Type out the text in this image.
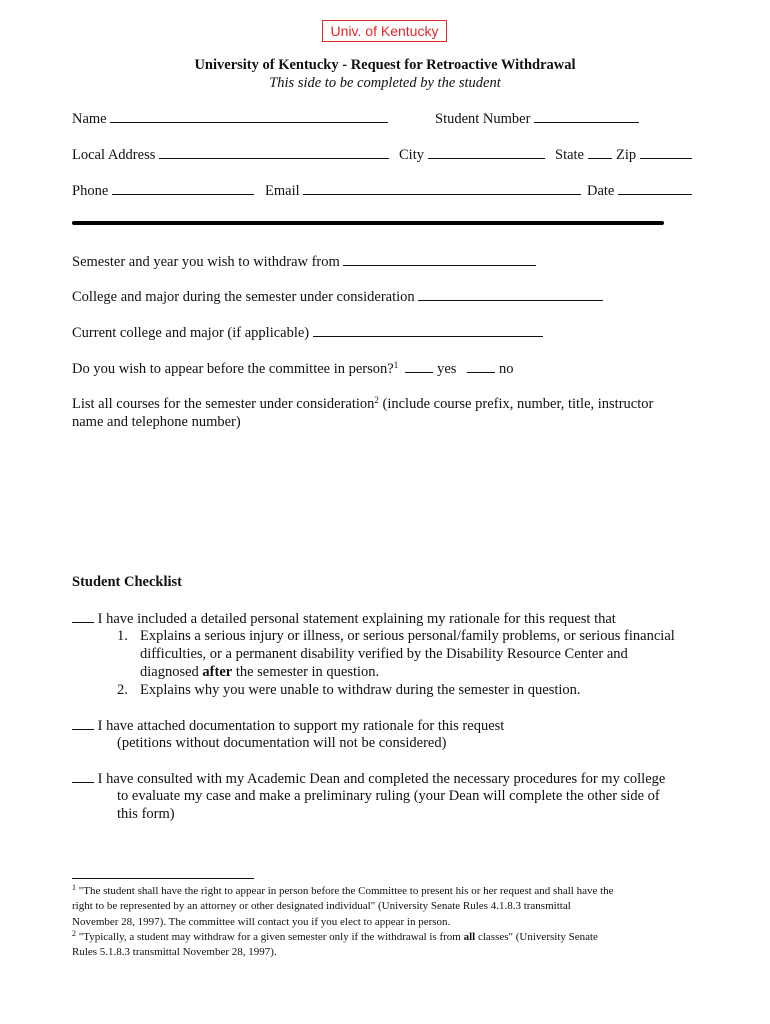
Univ. of Kentucky
University of Kentucky - Request for Retroactive Withdrawal
This side to be completed by the student
Name	Student Number
Local Address	City	State	Zip
Phone	Email	Date
Semester and year you wish to withdraw from
College and major during the semester under consideration
Current college and major (if applicable)
Do you wish to appear before the committee in person?$^1$	yes	no
List all courses for the semester under consideration$^2$ (include course prefix, number, title, instructor
name and telephone number)
Student Checklist
I have included a detailed personal statement explaining my rationale for this request that
1. Explains a serious injury or illness, or serious personal/family problems, or serious financial
difficulties, or a permanent disability verified by the Disability Resource Center and
diagnosed after the semester in question.
2. Explains why you were unable to withdraw during the semester in question.
I have attached documentation to support my rationale for this request
(petitions without documentation will not be considered)
I have consulted with my Academic Dean and completed the necessary procedures for my college
to evaluate my case and make a preliminary ruling (your Dean will complete the other side of
this form)
$^1$ "The student shall have the right to appear in person before the Committee to present his or her request and shall have the
right to be represented by an attorney or other designated individual" (University Senate Rules 4.1.8.3 transmittal
November 28, 1997). The committee will contact you if you elect to appear in person.
$^2$ "Typically, a student may withdraw for a given semester only if the withdrawal is from all classes" (University Senate
Rules 5.1.8.3 transmittal November 28, 1997).
